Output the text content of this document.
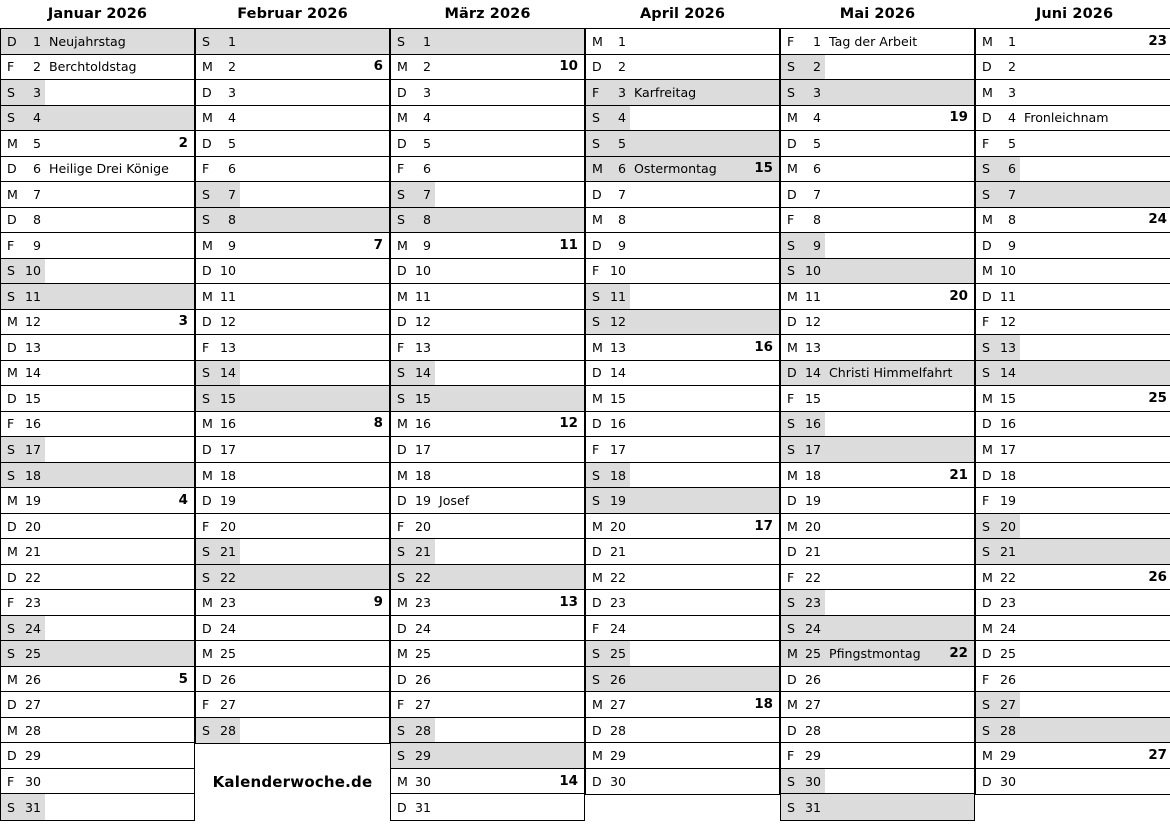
Januar 2026
D	1 Neujahrstag
F	2 Berchtoldstag
S	3
S	4
M	5	2
D	6 Heilige Drei Könige
M	7
D	8
F	9
S 10
S 11
M 12	3
D 13
M 14
D 15
F 16
S 17
S 18
M 19	4
D 20
M 21
D 22
F 23
S 24
S 25
M 26	5
D 27
M 28
D 29
F 30
S 31
Februar 2026
S	1
M	2	6
D	3
M	4
D	5
F	6
S	7
S	8
M	9	7
D 10
M 11
D 12
F 13
S 14
S 15
M 16	8
D 17
M 18
D 19
F 20
S 21
S 22
M 23	9
D 24
M 25
D 26
F 27
S 28
März 2026
S	1
M	2	10
D	3
M	4
D	5
F	6
S	7
S	8
M	9	11
D 10
M 11
D 12
F 13
S 14
S 15
M 16	12
D 17
M 18
D 19 Josef
F 20
S 21
S 22
M 23	13
D 24
M 25
D 26
F 27
S 28
S 29
M 30	14
D 31
April 2026
M	1
D	2
F	3 Karfreitag
S	4
S	5
M	6 Ostermontag	15
D	7
M	8
D	9
F 10
S 11
S 12
M 13	16
D 14
M 15
D 16
F 17
S 18
S 19
M 20	17
D 21
M 22
D 23
F 24
S 25
S 26
M 27	18
D 28
M 29
D 30
Mai 2026
F	1 Tag der Arbeit
S	2
S	3
M	4	19
D	5
M	6
D	7
F	8
S	9
S 10
M 11	20
D 12
M 13
D 14 Christi Himmelfahrt
F 15
S 16
S 17
M 18	21
D 19
M 20
D 21
F 22
S 23
S 24
M 25 Pfingstmontag	22
D 26
M 27
D 28
F 29
S 30
S 31
Juni 2026
M	1	23
D	2
M	3
D	4 Fronleichnam
F	5
S	6
S	7
M	8	24
D	9
M 10
D 11
F 12
S 13
S 14
M 15	25
D 16
M 17
D 18
F 19
S 20
S 21
M 22	26
D 23
M 24
D 25
F 26
S 27
S 28
M 29	27
D 30
Kalenderwoche.de
